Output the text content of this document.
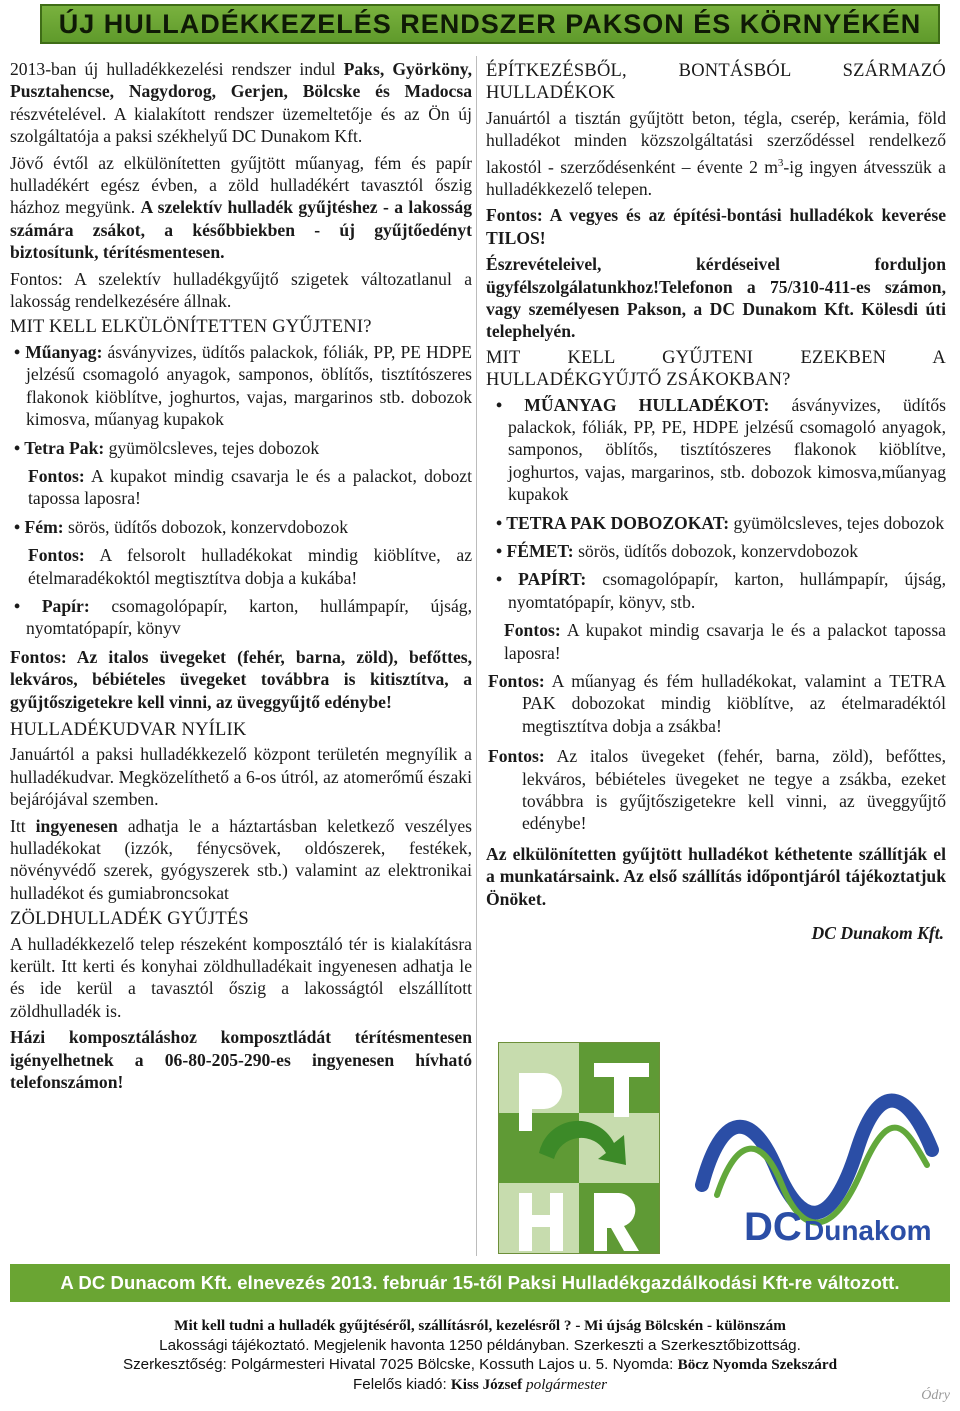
ÚJ HULLADÉKKEZELÉS RENDSZER PAKSON ÉS KÖRNYÉKÉN

2013-ban új hulladékkezelési rendszer indul Paks, Györköny, Pusztahencse, Nagydorog, Gerjen, Bölcske és Madocsa részvételével. A kialakított rendszer üzemeltetője és az Ön új szolgáltatója a paksi székhelyű DC Dunakom Kft.

Jövő évtől az elkülönítetten gyűjtött műanyag, fém és papír hulladékért egész évben, a zöld hulladékért tavasztól őszig házhoz megyünk. A szelektív hulladék gyűjtéshez - a lakosság számára zsákot, a későbbiekben - új gyűjtőedényt biztosítunk, térítésmentesen.

Fontos: A szelektív hulladékgyűjtő szigetek változatlanul a lakosság rendelkezésére állnak.

MIT KELL ELKÜLÖNÍTETTEN GYŰJTENI?

• Műanyag: ásványvizes, üdítős palackok, fóliák, PP, PE HDPE jelzésű csomagoló anyagok, samponos, öblítős, tisztítószeres flakonok kiöblítve, joghurtos, vajas, margarinos stb. dobozok kimosva, műanyag kupakok

• Tetra Pak: gyümölcsleves, tejes dobozok

Fontos: A kupakot mindig csavarja le és a palackot, dobozt tapossa laposra!

• Fém: sörös, üdítős dobozok, konzervdobozok

Fontos: A felsorolt hulladékokat mindig kiöblítve, az ételmaradékoktól megtisztítva dobja a kukába!

• Papír: csomagolópapír, karton, hullámpapír, újság, nyomtatópapír, könyv

Fontos: Az italos üvegeket (fehér, barna, zöld), befőttes, lekváros, bébiételes üvegeket továbbra is kitisztítva, a gyűjtőszigetekre kell vinni, az üveggyűjtő edénybe!

HULLADÉKUDVAR NYÍLIK

Januártól a paksi hulladékkezelő központ területén megnyílik a hulladékudvar. Megközelíthető a 6-os útról, az atomerőmű északi bejárójával szemben.

Itt ingyenesen adhatja le a háztartásban keletkező veszélyes hulladékokat (izzók, fénycsövek, oldószerek, festékek, növényvédő szerek, gyógyszerek stb.) valamint az elektronikai hulladékot és gumiabroncsokat

ZÖLDHULLADÉK GYŰJTÉS

A hulladékkezelő telep részeként komposztáló tér is kialakításra került. Itt kerti és konyhai zöldhulladékait ingyenesen adhatja le és ide kerül a tavasztól őszig a lakosságtól elszállított zöldhulladék is.

Házi komposztáláshoz komposztládát térítésmentesen igényelhetnek a 06-80-205-290-es ingyenesen hívható telefonszámon!

ÉPÍTKEZÉSBŐL, BONTÁSBÓL SZÁRMAZÓ HULLADÉKOK

Januártól a tisztán gyűjtött beton, tégla, cserép, kerámia, föld hulladékot minden közszolgáltatási szerződéssel rendelkező lakostól - szerződésenként – évente 2 $m^3-ig$ ingyen átvesszük a hulladékkezelő telepen.

Fontos: A vegyes és az építési-bontási hulladékok keverése TILOS!

Észrevételeivel, kérdéseivel forduljon ügyfélszolgálatunkhoz!Telefonon a 75/310-411-es számon, vagy személyesen Pakson, a DC Dunakom Kft. Kölesdi úti telephelyén.

MIT KELL GYŰJTENI EZEKBEN A HULLADÉKGYŰJTŐ ZSÁKOKBAN?

• MŰANYAG HULLADÉKOT: ásványvizes, üdítős palackok, fóliák, PP, PE, HDPE jelzésű csomagoló anyagok, samponos, öblítős, tisztítószeres flakonok kiöblítve, joghurtos, vajas, margarinos, stb. dobozok kimosva,műanyag kupakok

• TETRA PAK DOBOZOKAT: gyümölcsleves, tejes dobozok

• FÉMET: sörös, üdítős dobozok, konzervdobozok

• PAPÍRT: csomagolópapír, karton, hullámpapír, újság, nyomtatópapír, könyv, stb.

Fontos: A kupakot mindig csavarja le és a palackot tapossa laposra!

Fontos: A műanyag és fém hulladékokat, valamint a TETRA PAK dobozokat mindig kiöblítve, az ételmaradéktól megtisztítva dobja a zsákba!

Fontos: Az italos üvegeket (fehér, barna, zöld), befőttes, lekváros, bébiételes üvegeket ne tegye a zsákba, ezeket továbbra is gyűjtőszigetekre kell vinni, az üveggyűjtő edénybe!

Az elkülönítetten gyűjtött hulladékot kéthetente szállítják el a munkatársaink. Az első szállítás időpontjáról tájékoztatjuk Önöket.

DC Dunakom Kft.

DC Dunakom
A DC Dunacom Kft. elnevezés 2013. február 15-től Paksi Hulladékgazdálkodási Kft-re változott.
Mit kell tudni a hulladék gyűjtéséről, szállításról, kezelésről ? - Mi újság Bölcskén - különszám
Lakossági tájékoztató. Megjelenik havonta 1250 példányban. Szerkeszti a Szerkesztőbizottság.
Szerkesztőség: Polgármesteri Hivatal 7025 Bölcske, Kossuth Lajos u. 5. Nyomda: Böcz Nyomda Szekszárd
Felelős kiadó: Kiss József polgármester
Ódry
